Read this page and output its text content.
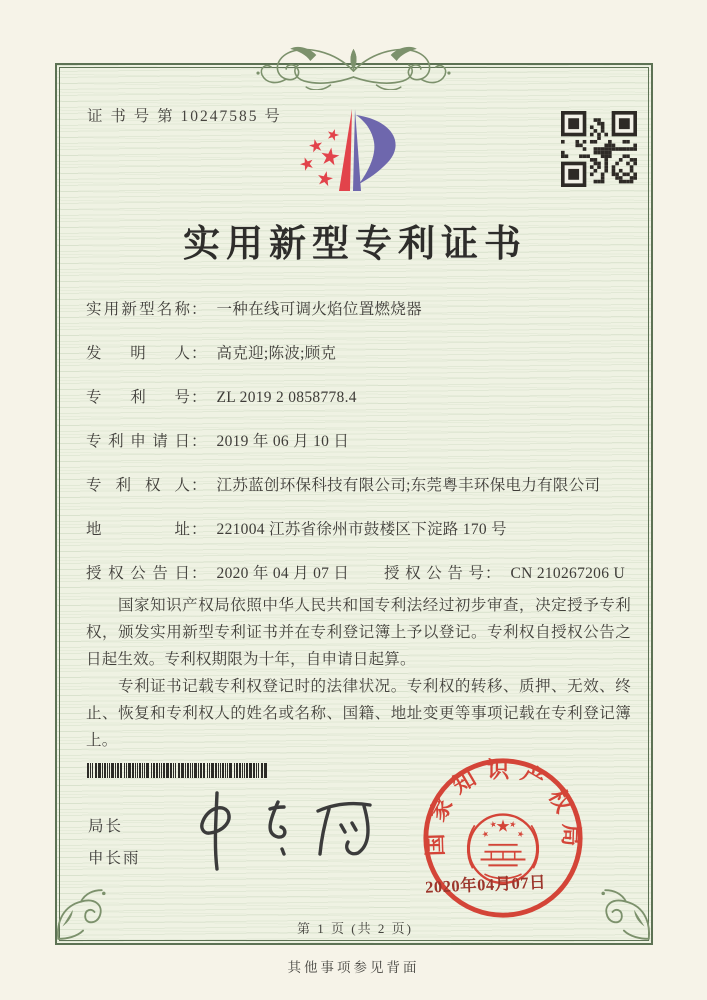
证 书 号 第 10247585 号
实用新型专利证书
实用新型名称： 一种在线可调火焰位置燃烧器
发明人： 高克迎;陈波;顾克
专利号： ZL 2019 2 0858778.4
专利申请日： 2019 年 06 月 10 日
专利权人： 江苏蓝创环保科技有限公司;东莞粤丰环保电力有限公司
地址： 221004 江苏省徐州市鼓楼区下淀路 170 号
授权公告日： 2020 年 04 月 07 日 授权公告号： CN 210267206 U

国家知识产权局依照中华人民共和国专利法经过初步审查，决定授予专利权，颁发实用新型专利证书并在专利登记簿上予以登记。专利权自授权公告之日起生效。专利权期限为十年，自申请日起算。

专利证书记载专利权登记时的法律状况。专利权的转移、质押、无效、终止、恢复和专利权人的姓名或名称、国籍、地址变更等事项记载在专利登记簿上。

局长
申长雨
国家知识产权局
2020年04月07日
第 1 页 (共 2 页)
其他事项参见背面
